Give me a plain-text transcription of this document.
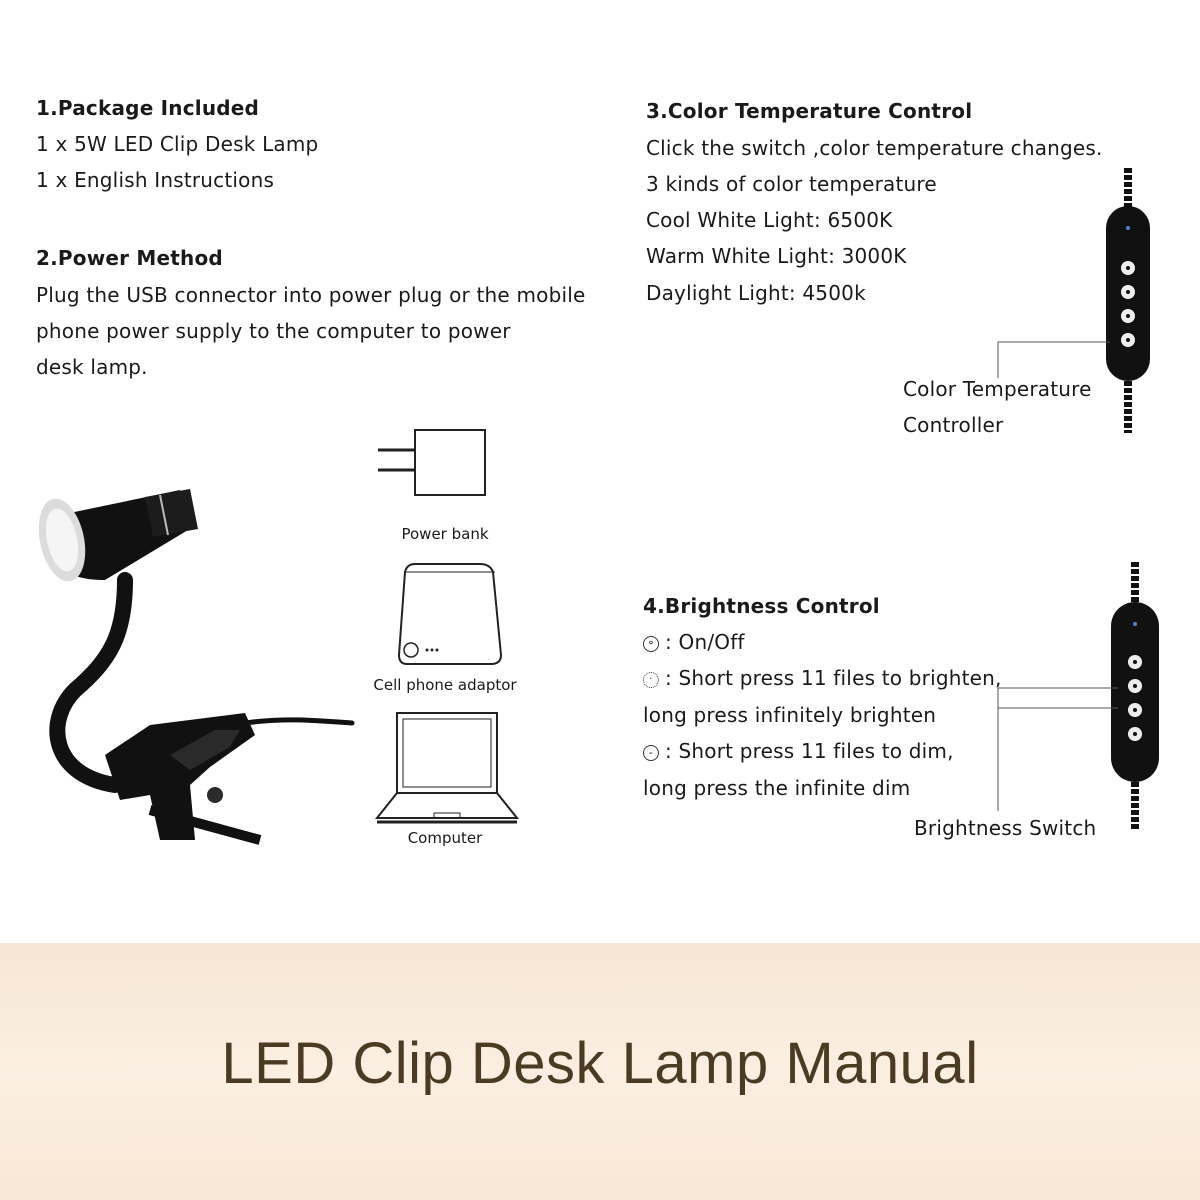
1.Package Included
1 x 5W LED Clip Desk Lamp
1 x English Instructions
2.Power Method
Plug the USB connector into power plug or the mobile
phone power supply to the computer to power
desk lamp.
3.Color Temperature Control
Click the switch ,color temperature changes.
3 kinds of color temperature
Cool White Light: 6500K
Warm White Light: 3000K
Daylight Light: 4500k
Color Temperature
Controller
4.Brightness Control
⚬ : On/Off
· : Short press 11 files to brighten,
long press infinitely brighten
- : Short press 11 files to dim,
long press the infinite dim
Brightness Switch
Power bank
Cell phone adaptor
Computer
LED Clip Desk Lamp Manual
